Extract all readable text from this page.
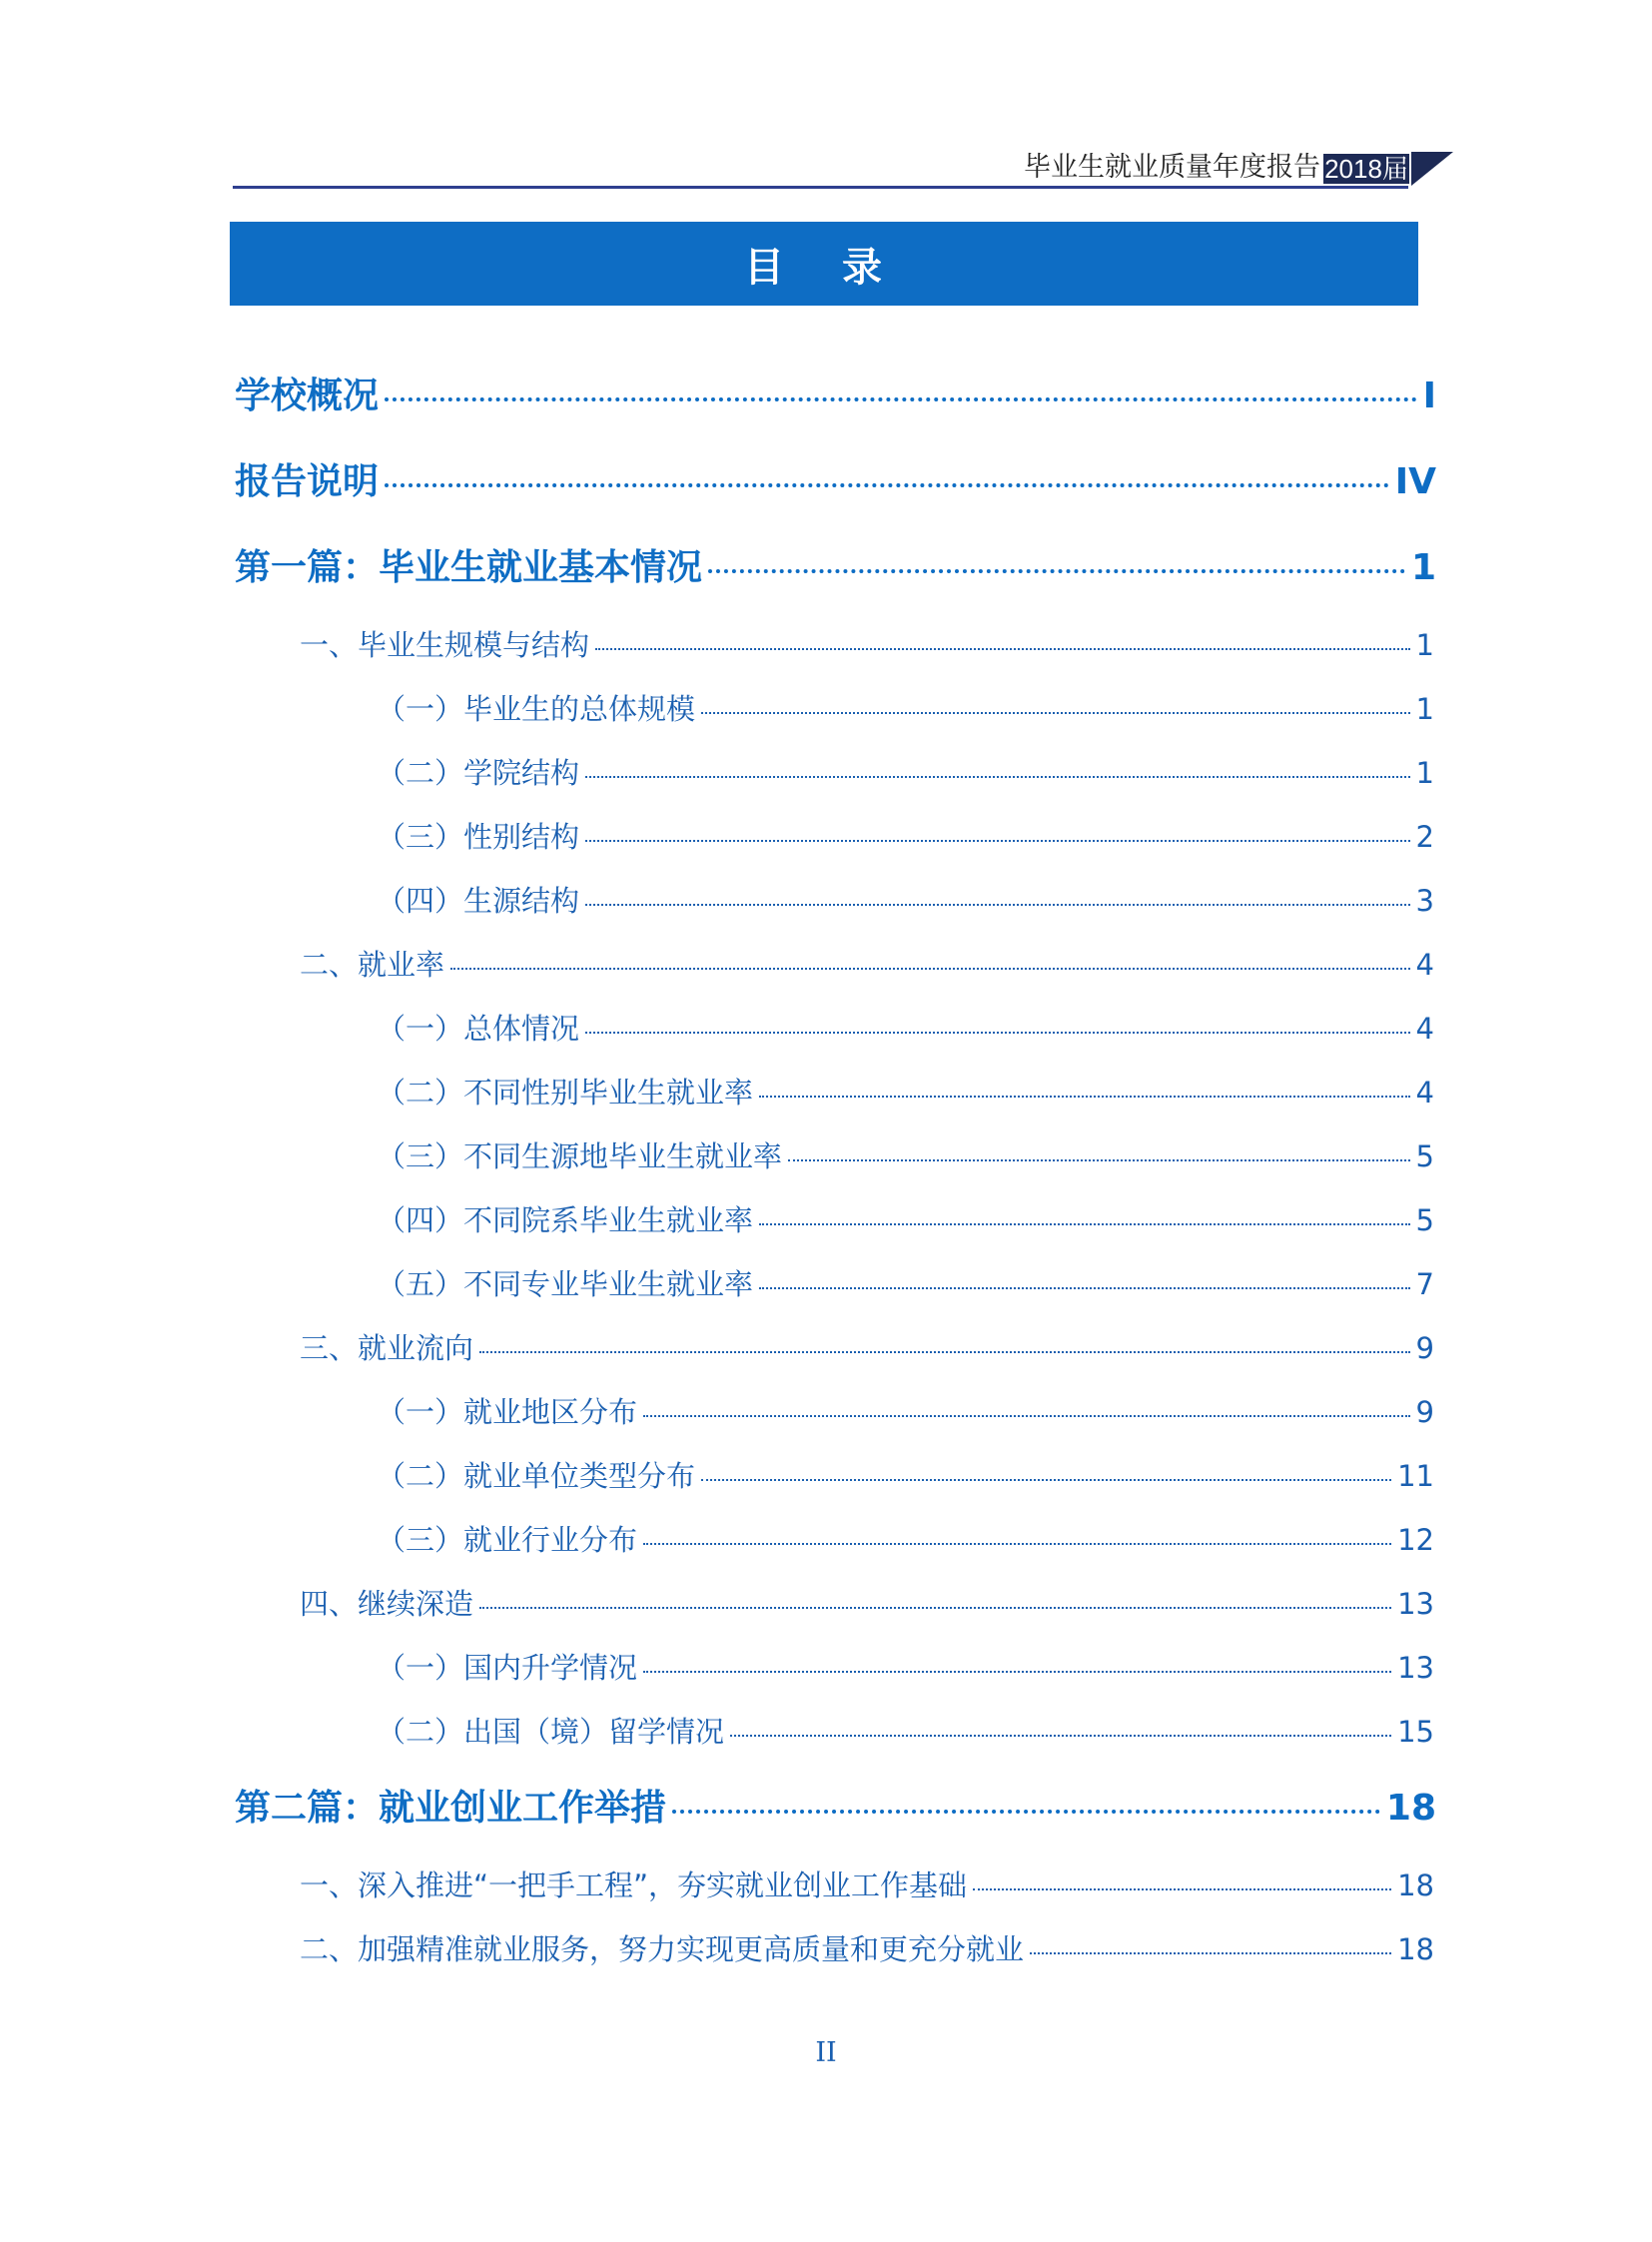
毕业生就业质量年度报告 2018届
目 录
学校概况	I
报告说明	IV
第一篇：毕业生就业基本情况	1
一、毕业生规模与结构	1
（一）毕业生的总体规模	1
（二）学院结构	1
（三）性别结构	2
（四）生源结构	3
二、就业率	4
（一）总体情况	4
（二）不同性别毕业生就业率	4
（三）不同生源地毕业生就业率	5
（四）不同院系毕业生就业率	5
（五）不同专业毕业生就业率	7
三、就业流向	9
（一）就业地区分布	9
（二）就业单位类型分布	11
（三）就业行业分布	12
四、继续深造	13
（一）国内升学情况	13
（二）出国（境）留学情况	15
第二篇：就业创业工作举措	18
一、深入推进“一把手工程”，夯实就业创业工作基础	18
二、加强精准就业服务，努力实现更高质量和更充分就业	18
II
